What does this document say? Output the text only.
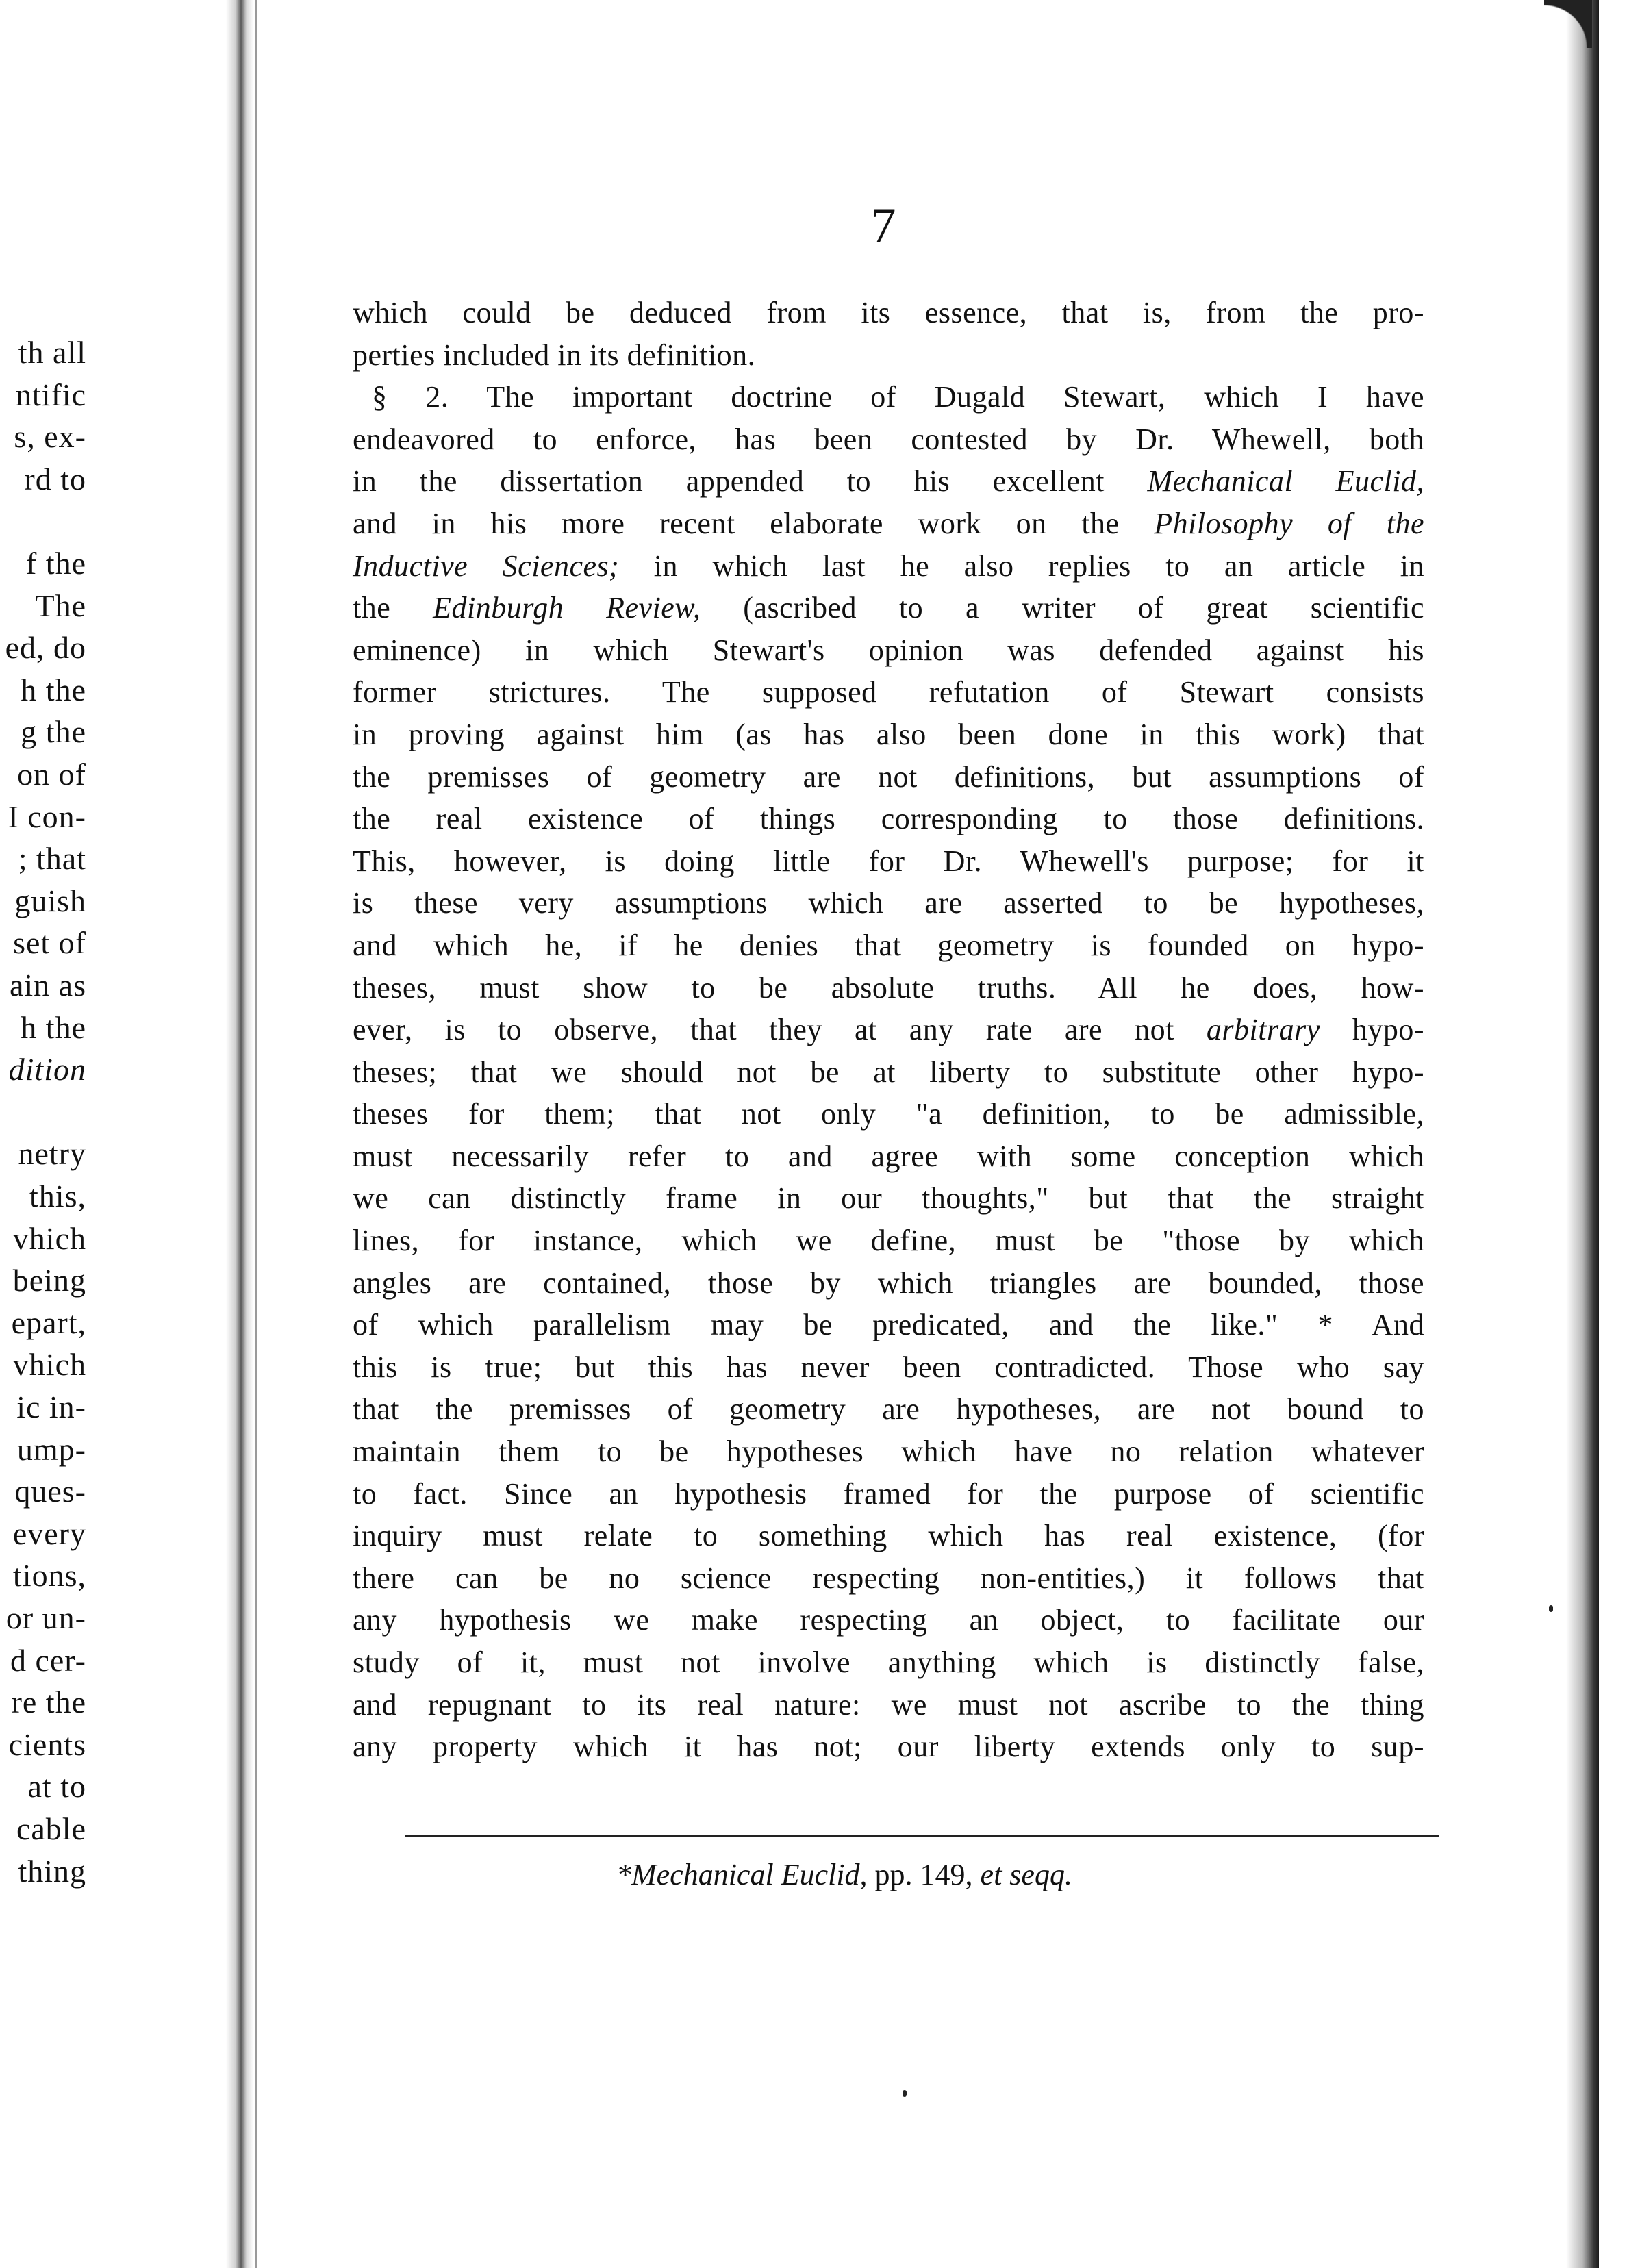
th all
ntific
s, ex-
rd to
f the
The
ed, do
h the
g the
on of
I con-
; that
guish
set of
ain as
h the
dition
netry
this,
vhich
being
epart,
vhich
ic in-
ump-
ques-
every
tions,
or un-
d cer-
re the
cients
at to
cable
thing
7
which could be deduced from its essence, that is, from the pro-
perties included in its definition.
§ 2. The important doctrine of Dugald Stewart, which I have
endeavored to enforce, has been contested by Dr. Whewell, both
in the dissertation appended to his excellent Mechanical Euclid,
and in his more recent elaborate work on the Philosophy of the
Inductive Sciences; in which last he also replies to an article in
the Edinburgh Review, (ascribed to a writer of great scientific
eminence) in which Stewart's opinion was defended against his
former strictures. The supposed refutation of Stewart consists
in proving against him (as has also been done in this work) that
the premisses of geometry are not definitions, but assumptions of
the real existence of things corresponding to those definitions.
This, however, is doing little for Dr. Whewell's purpose; for it
is these very assumptions which are asserted to be hypotheses,
and which he, if he denies that geometry is founded on hypo-
theses, must show to be absolute truths. All he does, how-
ever, is to observe, that they at any rate are not arbitrary hypo-
theses; that we should not be at liberty to substitute other hypo-
theses for them; that not only "a definition, to be admissible,
must necessarily refer to and agree with some conception which
we can distinctly frame in our thoughts," but that the straight
lines, for instance, which we define, must be "those by which
angles are contained, those by which triangles are bounded, those
of which parallelism may be predicated, and the like." * And
this is true; but this has never been contradicted. Those who say
that the premisses of geometry are hypotheses, are not bound to
maintain them to be hypotheses which have no relation whatever
to fact. Since an hypothesis framed for the purpose of scientific
inquiry must relate to something which has real existence, (for
there can be no science respecting non-entities,) it follows that
any hypothesis we make respecting an object, to facilitate our
study of it, must not involve anything which is distinctly false,
and repugnant to its real nature: we must not ascribe to the thing
any property which it has not; our liberty extends only to sup-
*Mechanical Euclid, pp. 149, et seqq.
